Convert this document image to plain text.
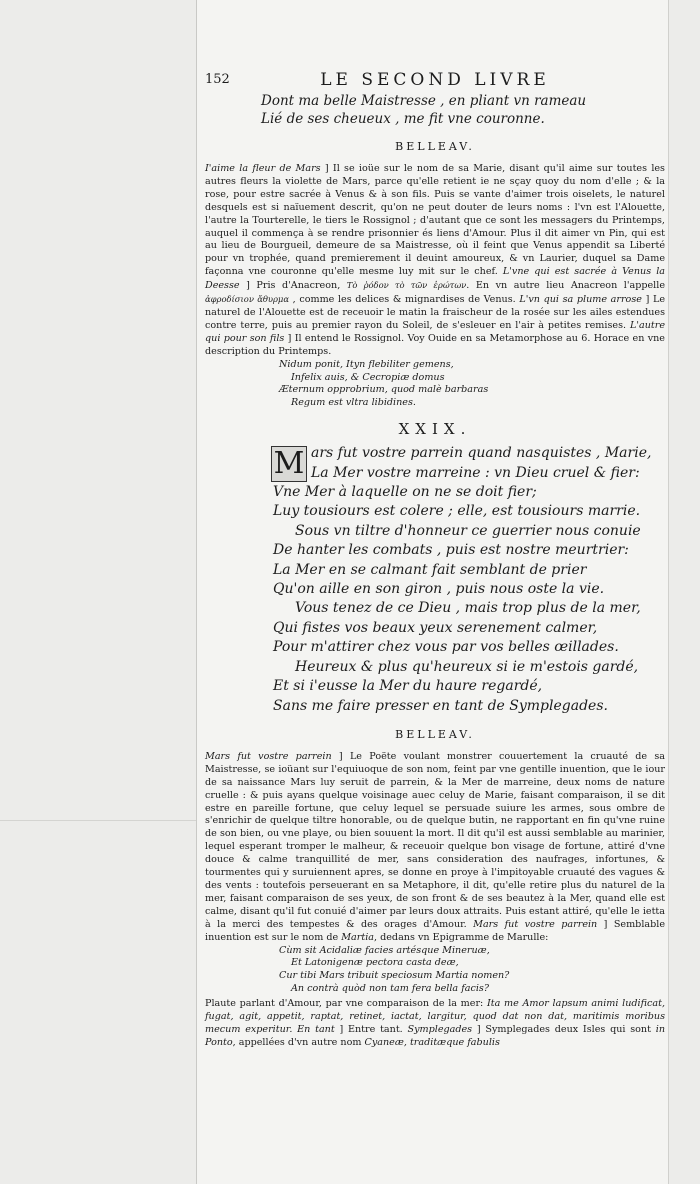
152	LE SECOND LIVRE
Dont ma belle Maistresse , en pliant vn rameau
Lié de ses cheueux , me fit vne couronne.
BELLEAV.

I'aime la fleur de Mars ] Il se ioüe sur le nom de sa Marie, disant qu'il aime sur toutes les autres fleurs la violette de Mars, parce qu'elle retient ie ne sçay quoy du nom d'elle ; & la rose, pour estre sacrée à Venus & à son fils. Puis se vante d'aimer trois oiselets, le naturel desquels est si naïuement descrit, qu'on ne peut douter de leurs noms : l'vn est l'Alouette, l'autre la Tourterelle, le tiers le Rossignol ; d'autant que ce sont les messagers du Printemps, auquel il commença à se rendre prisonnier és liens d'Amour. Plus il dit aimer vn Pin, qui est au lieu de Bourgueil, demeure de sa Maistresse, où il feint que Venus appendit sa Liberté pour vn trophée, quand premierement il deuint amoureux, & vn Laurier, duquel sa Dame façonna vne couronne qu'elle mesme luy mit sur le chef. L'vne qui est sacrée à Venus la Deesse ] Pris d'Anacreon, Τὸ ῥόδον τὸ τῶν ἐρώτων. En vn autre lieu Anacreon l'appelle ἀφροδίσιον ἄθυρμα , comme les delices & mignardises de Venus. L'vn qui sa plume arrose ] Le naturel de l'Alouette est de receuoir le matin la fraischeur de la rosée sur les ailes estendues contre terre, puis au premier rayon du Soleil, de s'esleuer en l'air à petites remises. L'autre qui pour son fils ] Il entend le Rossignol. Voy Ouide en sa Metamorphose au 6. Horace en vne description du Printemps.

Nidum ponit, Ityn flebiliter gemens,
Infelix auis, & Cecropiæ domus
Æternum opprobrium, quod malè barbaras
Regum est vltra libidines.
XXIX.
M ars fut vostre parrein quand nasquistes , Marie,
La Mer vostre marreine : vn Dieu cruel & fier:
Vne Mer à laquelle on ne se doit fier;
Luy tousiours est colere ; elle, est tousiours marrie.
Sous vn tiltre d'honneur ce guerrier nous conuie
De hanter les combats , puis est nostre meurtrier:
La Mer en se calmant fait semblant de prier
Qu'on aille en son giron , puis nous oste la vie.
Vous tenez de ce Dieu , mais trop plus de la mer,
Qui fistes vos beaux yeux serenement calmer,
Pour m'attirer chez vous par vos belles œillades.
Heureux & plus qu'heureux si ie m'estois gardé,
Et si i'eusse la Mer du haure regardé,
Sans me faire presser en tant de Symplegades.
BELLEAV.

Mars fut vostre parrein ] Le Poëte voulant monstrer couuertement la cruauté de sa Maistresse, se ioüant sur l'equiuoque de son nom, feint par vne gentille inuention, que le iour de sa naissance Mars luy seruit de parrein, & la Mer de marreine, deux noms de nature cruelle : & puis ayans quelque voisinage auec celuy de Marie, faisant comparaison, il se dit estre en pareille fortune, que celuy lequel se persuade suiure les armes, sous ombre de s'enrichir de quelque tiltre honorable, ou de quelque butin, ne rapportant en fin qu'vne ruine de son bien, ou vne playe, ou bien souuent la mort. Il dit qu'il est aussi semblable au marinier, lequel esperant tromper le malheur, & receuoir quelque bon visage de fortune, attiré d'vne douce & calme tranquillité de mer, sans consideration des naufrages, infortunes, & tourmentes qui y suruiennent apres, se donne en proye à l'impitoyable cruauté des vagues & des vents : toutefois perseuerant en sa Metaphore, il dit, qu'elle retire plus du naturel de la mer, faisant comparaison de ses yeux, de son front & de ses beautez à la Mer, quand elle est calme, disant qu'il fut conuié d'aimer par leurs doux attraits. Puis estant attiré, qu'elle le ietta à la merci des tempestes & des orages d'Amour. Mars fut vostre parrein ] Semblable inuention est sur le nom de Martia, dedans vn Epigramme de Marulle:

Cùm sit Acidaliæ facies artésque Mineruæ,
Et Latonigenæ pectora casta deæ,
Cur tibi Mars tribuit speciosum Martia nomen?
An contrà quòd non tam fera bella facis?

Plaute parlant d'Amour, par vne comparaison de la mer: Ita me Amor lapsum animi ludificat, fugat, agit, appetit, raptat, retinet, iactat, largitur, quod dat non dat, maritimis moribus mecum experitur. En tant ] Entre tant. Symplegades ] Symplegades deux Isles qui sont in Ponto, appellées d'vn autre nom Cyaneæ, traditæque fabulis
